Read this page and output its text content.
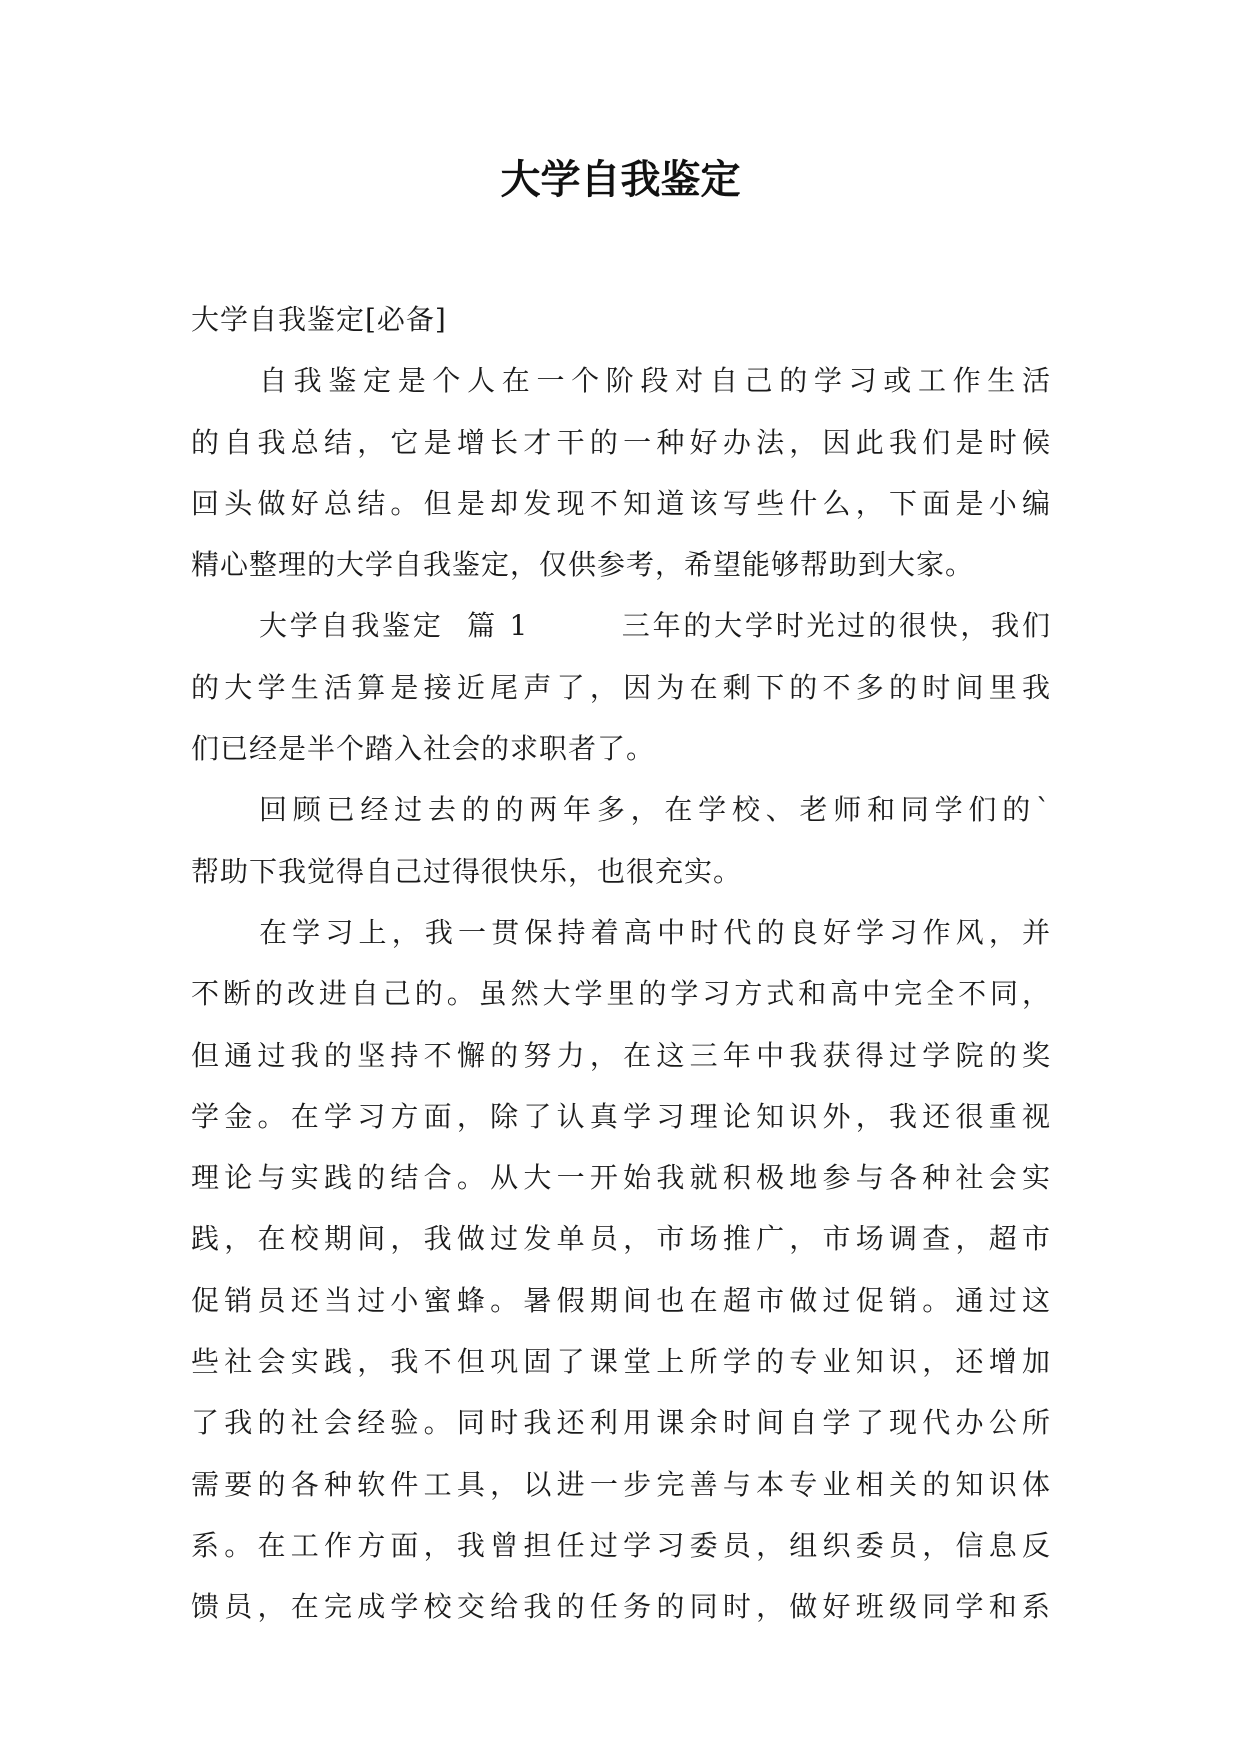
大学自我鉴定
大学自我鉴定[必备]
自我鉴定是个人在一个阶段对自己的学习或工作生活
的自我总结，它是增长才干的一种好办法，因此我们是时候
回头做好总结。但是却发现不知道该写些什么，下面是小编
精心整理的大学自我鉴定，仅供参考，希望能够帮助到大家。
大学自我鉴定  篇 1        三年的大学时光过的很快，我们
的大学生活算是接近尾声了，因为在剩下的不多的时间里我
们已经是半个踏入社会的求职者了。
回顾已经过去的的两年多，在学校、老师和同学们的`
帮助下我觉得自己过得很快乐，也很充实。
在学习上，我一贯保持着高中时代的良好学习作风，并
不断的改进自己的。虽然大学里的学习方式和高中完全不同，
但通过我的坚持不懈的努力，在这三年中我获得过学院的奖
学金。在学习方面，除了认真学习理论知识外，我还很重视
理论与实践的结合。从大一开始我就积极地参与各种社会实
践，在校期间，我做过发单员，市场推广，市场调查，超市
促销员还当过小蜜蜂。暑假期间也在超市做过促销。通过这
些社会实践，我不但巩固了课堂上所学的专业知识，还增加
了我的社会经验。同时我还利用课余时间自学了现代办公所
需要的各种软件工具，以进一步完善与本专业相关的知识体
系。在工作方面，我曾担任过学习委员，组织委员，信息反
馈员，在完成学校交给我的任务的同时，做好班级同学和系
